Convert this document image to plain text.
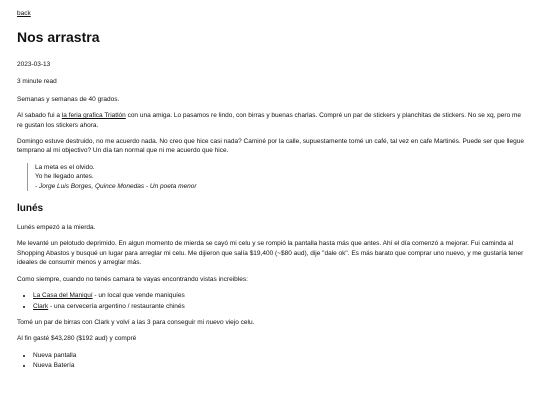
back
Nos arrastra

2023-03-13

3 minute read

Semanas y semanas de 40 grados.

Al sabado fui a la feria grafica Triatlón con una amiga. Lo pasamos re lindo, con birras y buenas charlas. Compré un par de stickers y planchitas de stickers. No se xq, pero me re gustan los stickers ahora.

Domingo estuve destruido, no me acuerdo nada. No creo que hice casi nada? Caminé por la calle, supuestamente tomé un café, tal vez en cafe Martinés. Puede ser que llegue temprano al mi objectivo? Un día tan normal que ni me acuerdo que hice.

La meta es el olvido.
Yo he llegado antes.
- Jorge Luis Borges, Quince Monedas - Un poeta menor
lunés

Lunés empezó a la mierda.

Me levanté un pelotudo deprimido. En algun momento de mierda se cayó mi celu y se rompió la pantalla hasta más que antes. Ahí el día comenzó a mejorar. Fui caminda al Shopping Abastos y busqué un lugar para arreglar mi celu. Me dijieron que salía $19,400 (~$80 aud), dije "dale ok". Es más barato que comprar uno nuevo, y me gustaría tener ideales de consumir menos y arreglar más.

Como siempre, cuando no tenés camara te vayas encontrando vistas increibles:

• La Casa del Maniquí - un local que vende maniquíes
• Clark - una cervecería argentino / restaurante chinés

Tomé un par de birras con Clark y volví a las 3 para conseguir mi nuevo viejo celu.

Al fin gasté $43,280 ($192 aud) y compré

• Nueva pantalla
• Nueva Batería
